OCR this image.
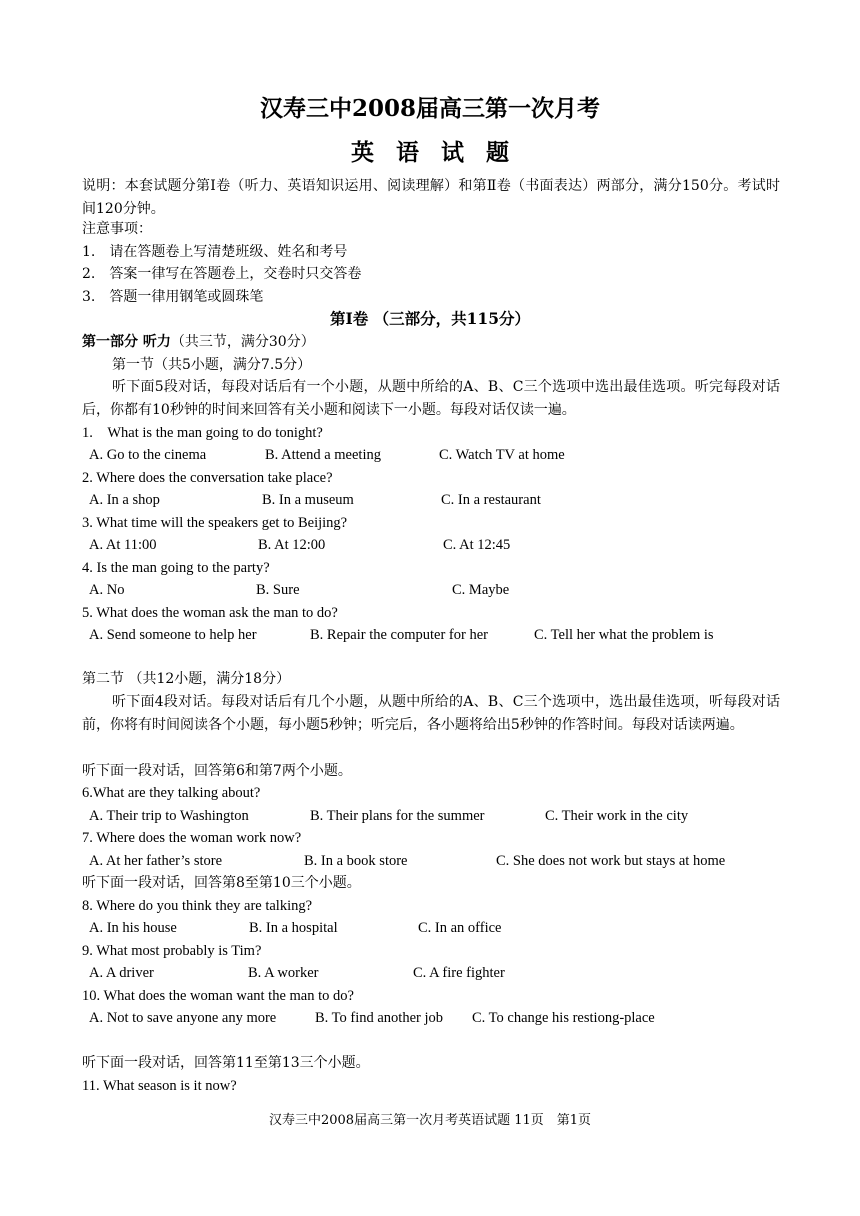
汉寿三中2008届高三第一次月考
英语试题
说明：本套试题分第Ⅰ卷（听力、英语知识运用、阅读理解）和第Ⅱ卷（书面表达）两部分，满分150分。考试时间120分钟。
注意事项：
1.　请在答题卷上写清楚班级、姓名和考号
2.　答案一律写在答题卷上，交卷时只交答卷
3.　答题一律用钢笔或圆珠笔
第Ⅰ卷 （三部分，共115分）
第一部分 听力（共三节，满分30分）
第一节（共5小题，满分7.5分）
听下面5段对话，每段对话后有一个小题，从题中所给的A、B、C三个选项中选出最佳选项。听完每段对话后，你都有10秒钟的时间来回答有关小题和阅读下一小题。每段对话仅读一遍。
1.　What is the man going to do tonight?
A. Go to the cinema	B. Attend a meeting	C. Watch TV at home
2. Where does the conversation take place?
A. In a shop	B. In a museum	C. In a restaurant
3. What time will the speakers get to Beijing?
A. At 11:00	B. At 12:00	C. At 12:45
4. Is the man going to the party?
A. No	B. Sure	C. Maybe
5. What does the woman ask the man to do?
A. Send someone to help her	B. Repair the computer for her	C. Tell her what the problem is
第二节 （共12小题，满分18分）
听下面4段对话。每段对话后有几个小题，从题中所给的A、B、C三个选项中，选出最佳选项，听每段对话前，你将有时间阅读各个小题，每小题5秒钟；听完后，各小题将给出5秒钟的作答时间。每段对话读两遍。
听下面一段对话，回答第6和第7两个小题。
6.What are they talking about?
A. Their trip to Washington	B. Their plans for the summer	C. Their work in the city
7. Where does the woman work now?
A. At her father’s store	B. In a book store	C. She does not work but stays at home
听下面一段对话，回答第8至第10三个小题。
8. Where do you think they are talking?
A. In his house	B. In a hospital	C. In an office
9. What most probably is Tim?
A. A driver	B. A worker	C. A fire fighter
10. What does the woman want the man to do?
A. Not to save anyone any more	B. To find another job C. To change his restiong-place
听下面一段对话，回答第11至第13三个小题。
11. What season is it now?
汉寿三中2008届高三第一次月考英语试题 11页　第1页
